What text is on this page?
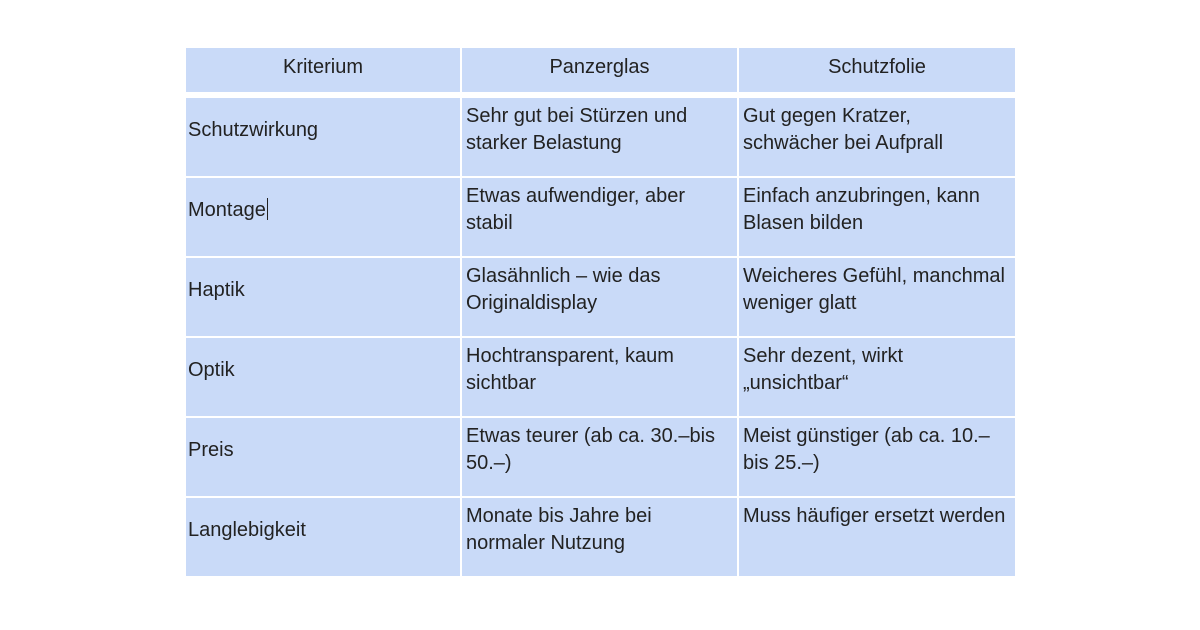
Kriterium	Panzerglas	Schutzfolie
Schutzwirkung	Sehr gut bei Stürzen und starker Belastung	Gut gegen Kratzer, schwächer bei Aufprall
Montage	Etwas aufwendiger, aber stabil	Einfach anzubringen, kann Blasen bilden
Haptik	Glasähnlich – wie das Originaldisplay	Weicheres Gefühl, manchmal weniger glatt
Optik	Hochtransparent, kaum sichtbar	Sehr dezent, wirkt „unsichtbar“
Preis	Etwas teurer (ab ca. 30.–bis 50.–)	Meist günstiger (ab ca. 10.–bis 25.–)
Langlebigkeit	Monate bis Jahre bei normaler Nutzung	Muss häufiger ersetzt werden
